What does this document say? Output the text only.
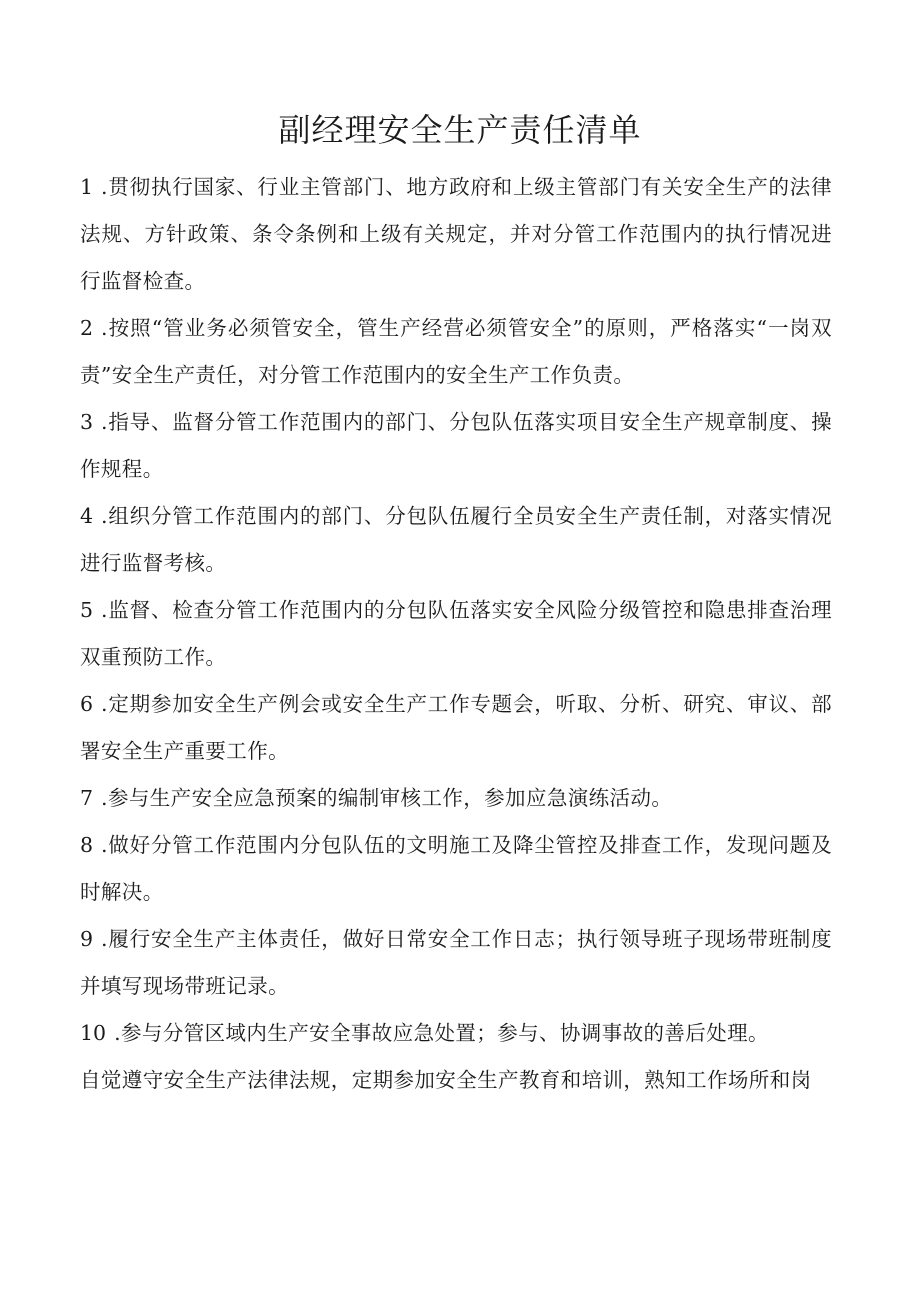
副经理安全生产责任清单

1 .贯彻执行国家、行业主管部门、地方政府和上级主管部门有关安全生产的法律法规、方针政策、条令条例和上级有关规定，并对分管工作范围内的执行情况进行监督检查。

2 .按照“管业务必须管安全，管生产经营必须管安全”的原则，严格落实“一岗双责”安全生产责任，对分管工作范围内的安全生产工作负责。

3 .指导、监督分管工作范围内的部门、分包队伍落实项目安全生产规章制度、操作规程。

4 .组织分管工作范围内的部门、分包队伍履行全员安全生产责任制，对落实情况进行监督考核。

5 .监督、检查分管工作范围内的分包队伍落实安全风险分级管控和隐患排查治理双重预防工作。

6 .定期参加安全生产例会或安全生产工作专题会，听取、分析、研究、审议、部署安全生产重要工作。

7 .参与生产安全应急预案的编制审核工作，参加应急演练活动。

8 .做好分管工作范围内分包队伍的文明施工及降尘管控及排查工作，发现问题及时解决。

9 .履行安全生产主体责任，做好日常安全工作日志；执行领导班子现场带班制度并填写现场带班记录。

10 .参与分管区域内生产安全事故应急处置；参与、协调事故的善后处理。

自觉遵守安全生产法律法规，定期参加安全生产教育和培训，熟知工作场所和岗
